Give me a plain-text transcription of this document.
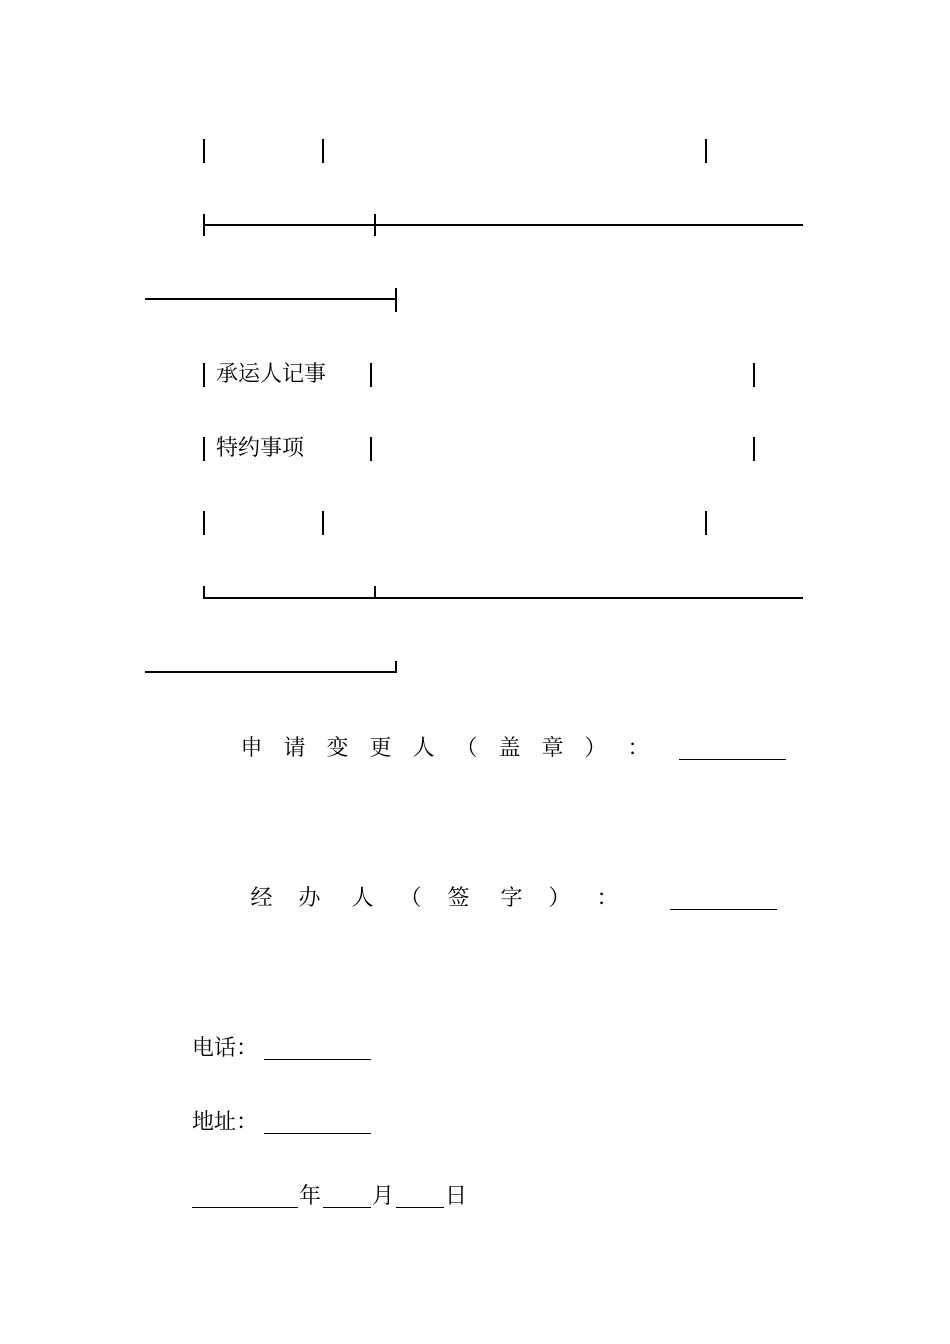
承运人记事
特约事项
申 请 变 更 人 （ 盖 章 ） ：
经	办	人	（	签	字	）	：
电话：
地址：
年 月 日
